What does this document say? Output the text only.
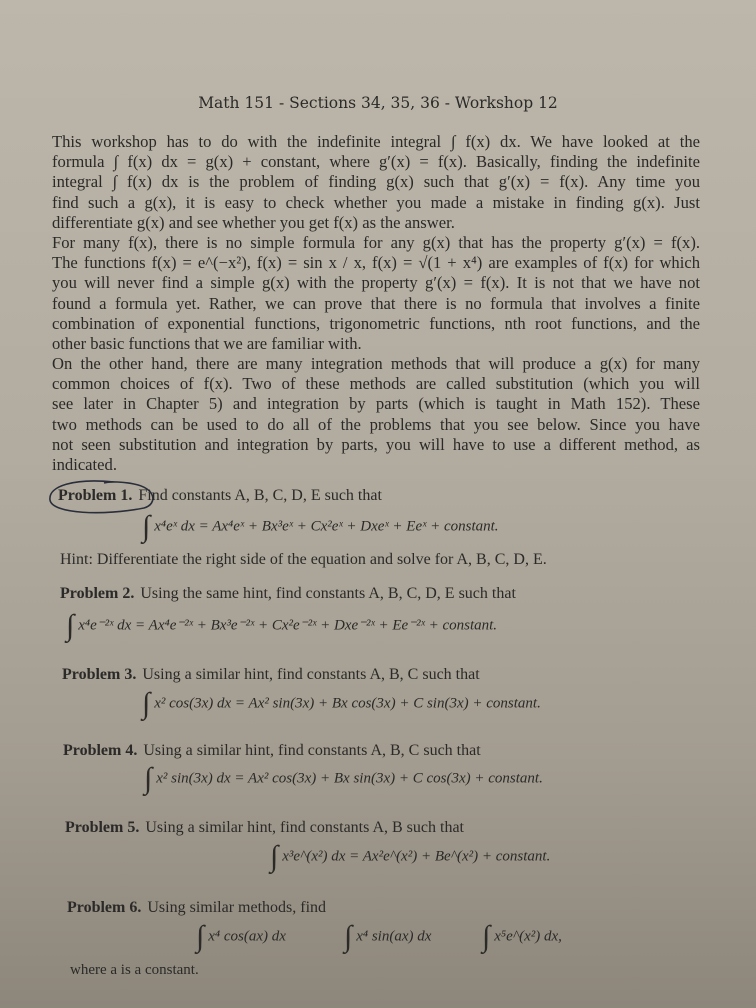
Math 151 - Sections 34, 35, 36 - Workshop 12
This workshop has to do with the indefinite integral ∫ f(x) dx. We have looked at the
formula ∫ f(x) dx = g(x) + constant, where g′(x) = f(x). Basically, finding the indefinite
integral ∫ f(x) dx is the problem of finding g(x) such that g′(x) = f(x). Any time you
find such a g(x), it is easy to check whether you made a mistake in finding g(x). Just
differentiate g(x) and see whether you get f(x) as the answer.
For many f(x), there is no simple formula for any g(x) that has the property g′(x) = f(x).
The functions f(x) = e^(−x²), f(x) = sin x / x, f(x) = √(1 + x⁴) are examples of f(x) for which
you will never find a simple g(x) with the property g′(x) = f(x). It is not that we have not
found a formula yet. Rather, we can prove that there is no formula that involves a finite
combination of exponential functions, trigonometric functions, nth root functions, and the
other basic functions that we are familiar with.
On the other hand, there are many integration methods that will produce a g(x) for many
common choices of f(x). Two of these methods are called substitution (which you will
see later in Chapter 5) and integration by parts (which is taught in Math 152). These
two methods can be used to do all of the problems that you see below. Since you have
not seen substitution and integration by parts, you will have to use a different method, as
indicated.
Problem 1. Find constants A, B, C, D, E such that
∫ x⁴eˣ dx = Ax⁴eˣ + Bx³eˣ + Cx²eˣ + Dxeˣ + Eeˣ + constant.
Hint: Differentiate the right side of the equation and solve for A, B, C, D, E.
Problem 2. Using the same hint, find constants A, B, C, D, E such that
∫ x⁴e⁻²ˣ dx = Ax⁴e⁻²ˣ + Bx³e⁻²ˣ + Cx²e⁻²ˣ + Dxe⁻²ˣ + Ee⁻²ˣ + constant.
Problem 3. Using a similar hint, find constants A, B, C such that
∫ x² cos(3x) dx = Ax² sin(3x) + Bx cos(3x) + C sin(3x) + constant.
Problem 4. Using a similar hint, find constants A, B, C such that
∫ x² sin(3x) dx = Ax² cos(3x) + Bx sin(3x) + C cos(3x) + constant.
Problem 5. Using a similar hint, find constants A, B such that
∫ x³e^(x²) dx = Ax²e^(x²) + Be^(x²) + constant.
Problem 6. Using similar methods, find
∫ x⁴ cos(ax) dx ∫ x⁴ sin(ax) dx ∫ x⁵e^(x²) dx,
where a is a constant.
